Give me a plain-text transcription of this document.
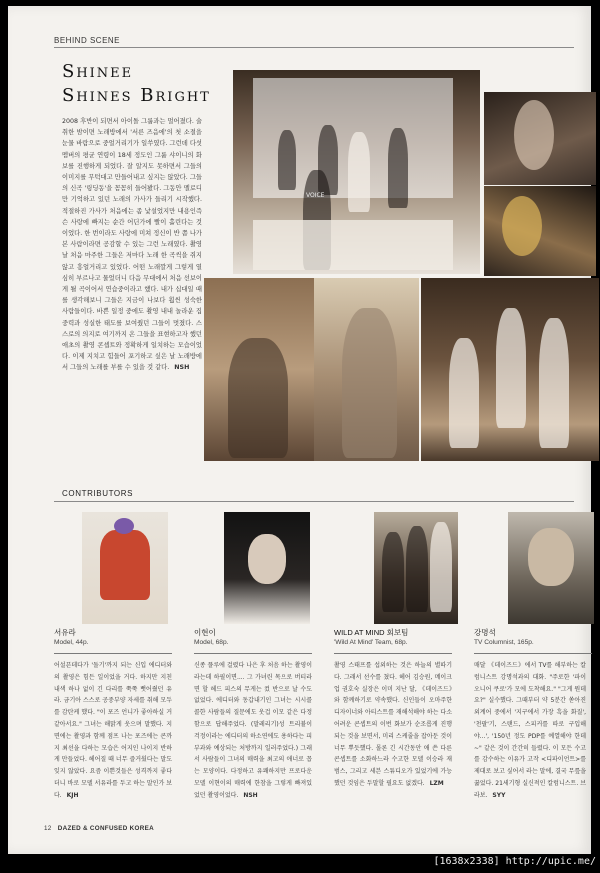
BEHIND SCENE
Shinee
Shines Bright
2008 후반이 되면서 아이돌 그룹과는 멀어졌다. 술 취한 밤이면 노래방에서 '서른 즈음에'의 첫 소절을 눈물 바람으로 중얼거리기가 일쑤였다. 그런데 다섯 멤버의 평균 연령이 18세 정도인 그룹 샤이니의 화보를 진행하게 되었다. 잘 알지도 못하면서 그들의 이미지를 무턱대고 만들어내고 싶지는 않았다. 그들의 신곡 '링딩동'을 꼼꼼히 들어봤다. 그동안 멜로디만 기억하고 있던 노래의 가사가 들리기 시작했다. 적절하진 가사가 처음에는 좀 낯설었지만 내용인즉슨 사랑에 빠지는 순간 어딘가에 빨이 홀린다는 것이었다. 한 번이라도 사랑에 미쳐 정신이 반 쯤 나가본 사람이라면 공감할 수 있는 그런 노래였다. 촬영 날 처음 마주한 그들은 저마다 노래 한 곡씩을 쥐지 않고 흥얼거리고 있었다. 어떤 노래깔게 그렇게 열심히 부르나고 물었더니 다음 무대에서 처음 선보이게 될 곡이어서 연습중이라고 했다. 내가 십대일 때를 생각해보니 그들은 지금이 나보다 훨씬 성숙한 사람들이다. 바쁜 일정 중에도 촬영 내내 놀라운 집중력과 성실한 태도를 보여줬던 그들이 멋졌다. 스스로의 의지로 여기까지 온 그들을 표현하고자 했던 애초의 촬영 콘셉트와 정확하게 일치하는 모습이었다. 이제 지치고 힘들어 포기하고 싶은 날 노래방에서 그들의 노래를 부를 수 있을 것 같다. NSH
VOICE
CONTRIBUTORS
서유라
Model, 44p.
어설픈데다가 '돌기'까지 되는 신입 에디터와의 촬영은 힘든 일이었을 거다. 하지만 지친 내색 하나 없이 긴 다리를 쭉쭉 뻣어줬던 유라. 금기아 스스로 공중부양 자세를 취해 모두를 감탄케 했다. "이 포즈 언니가 좋아하실 거 같아서요." 그녀는 해맑게 웃으며 말했다. 지면에는 촬영과 함께 점프 나는 포즈에는 콘까지 최선을 다하는 모습은 어지인 나이지 반하게 만들었다. 헤어질 때 너무 즐거웠다는 말도 잊지 않았다. 요즘 이쁜것들은 성격까지 좋다더니 바로 모델 서유라를 두고 하는 말인가 보다. KJH
이현이
Model, 68p.
신종 플루에 걸렸다 나은 후 처음 하는 촬영이라는데 하필이면.... 그 가녀린 목으로 버티라면 할 헤드 피스의 무게는 컸 반으로 날 수도 없었다. 에디터와 동갑내기인 그녀는 시시콜콜한 사람들의 질문에도 웃겁 이모 같은 다정함으로 답해주었다. (말레리기)성 트리뷸이 걱정이라는 에디터의 하소연에도 용하다는 피부과와 예상되는 처방까지 일러주었다.) 그래서 사람들이 그녀의 매력을 최고의 애너로 꼽는 모양이다. 다정하고 유쾌하지만 프로다운 모델 이현이의 매력에 한참을 그렇게 빠져있었던 촬영이었다. NSH
WILD AT MIND 회보팀
'Wild At Mind' Team, 68p.
촬영 스태프를 섭외하는 것은 하늘의 별따기다. 그래서 선수를 쳤다. 헤어 김승원, 메이크업 권호숙 실장은 이미 지난 달, 《데이즈드》와 함께하기로 약속했다. 신인들이 오마주한 디자이너와 아티스트를 재해석해야 하는 다소 어려운 콘셉트의 이번 화보가 순조롭게 진행되는 것을 보면서, 미리 스케줄을 잡아둔 것이 너무 뿌듯했다. 몰론 긴 시간동안 애 쓴 다른 콘셉트를 소화하느라 수고한 모델 이승라 재범스, 그리고 세븐 스튜디오가 있었기에 가능했던 것임은 두말할 필요도 없겠다. LZM
강명석
TV Columnist, 165p.
매달 《데이즈드》에서 TV를 해부하는 칼럼니스트 강명석과의 대화. "주로한 '파이오니어 쿠로'가 모에 도착해요." "그게 뭔데요?" 실수했다. 그때부터 약 5분간 쏟아진 외계어 중에서 '지구에서 가장 흑을 화질', '천팔'기, 스탠드, 스피커를 따로 구입해야...', '150년 정도 PDP를 예열해야 한데~" 같은 것이 간간히 들렸다. 이 모든 수고를 감수하는 이유가 고작 <디파이언트>를 제대로 보고 싶어서 라는 말에, 결국 무릎을 꿇었다. 21세기형 실신적인 칼럼니스트. 브라보. SYY
12 DAZED & CONFUSED KOREA
[1638x2338] http://upic.me/
